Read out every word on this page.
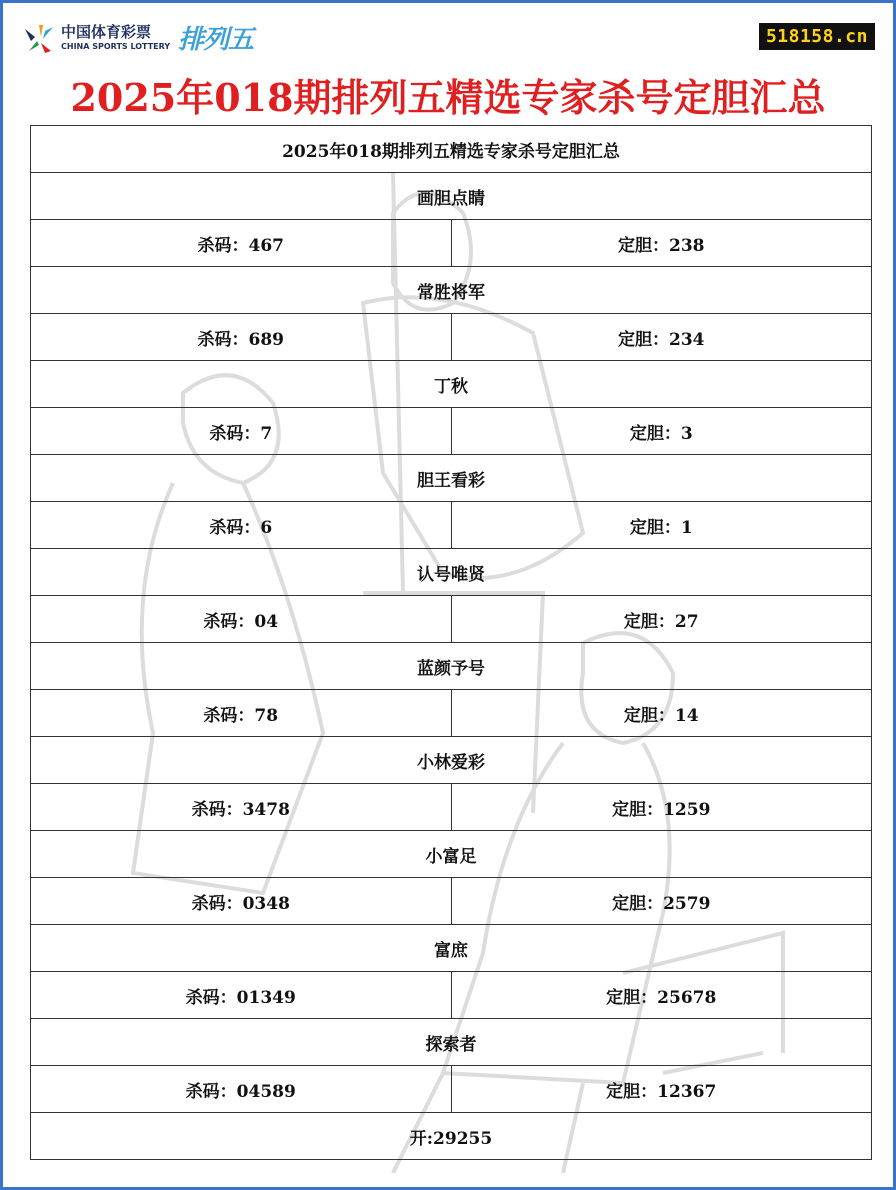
中国体育彩票
CHINA SPORTS LOTTERY 排列五	518158.cn
2025年018期排列五精选专家杀号定胆汇总
2025年018期排列五精选专家杀号定胆汇总	
画胆点睛	
杀码：467	定胆：238
常胜将军	
杀码：689	定胆：234
丁秋	
杀码：7	定胆：3
胆王看彩	
杀码：6	定胆：1
认号唯贤	
杀码：04	定胆：27
蓝颜予号	
杀码：78	定胆：14
小林爱彩	
杀码：3478	定胆：1259
小富足	
杀码：0348	定胆：2579
富庶	
杀码：01349	定胆：25678
探索者	
杀码：04589	定胆：12367
开:29255	
